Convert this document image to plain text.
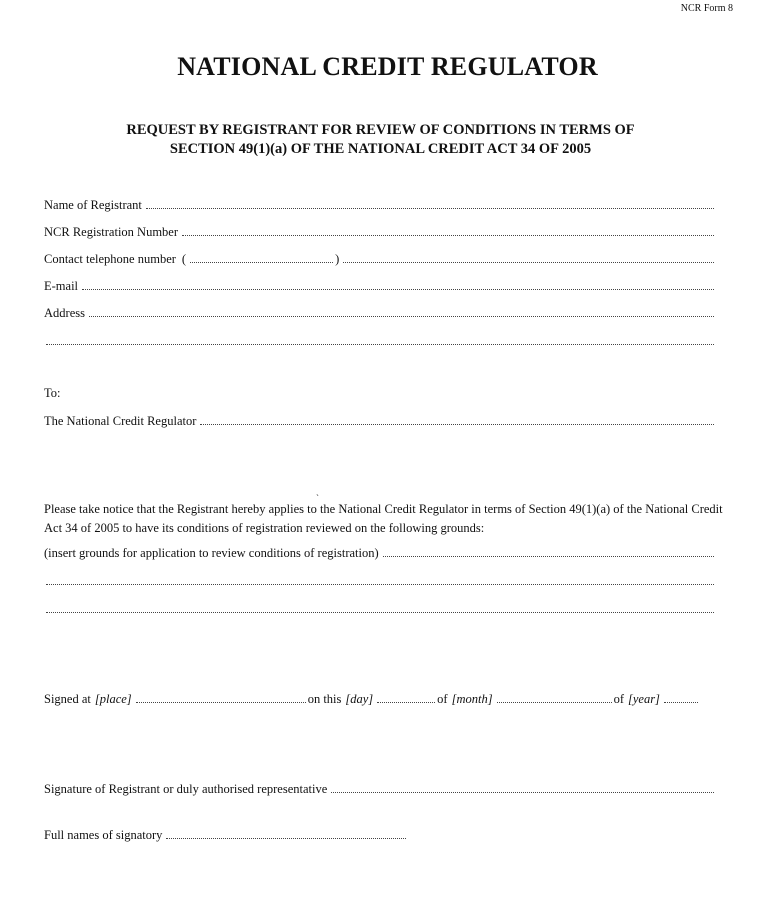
NCR Form 8
NATIONAL CREDIT REGULATOR
REQUEST BY REGISTRANT FOR REVIEW OF CONDITIONS IN TERMS OF
SECTION 49(1)(a) OF THE NATIONAL CREDIT ACT 34 OF 2005
Name of Registrant
NCR Registration Number
Contact telephone number (	)
E-mail
Address
To:
The National Credit Regulator
ˎ
Please take notice that the Registrant hereby applies to the National Credit Regulator in terms of Section 49(1)(a) of the National Credit Act 34 of 2005 to have its conditions of registration reviewed on the following grounds:
(insert grounds for application to review conditions of registration)
Signed at [place]	on this [day]	of [month]	of [year]
Signature of Registrant or duly authorised representative
Full names of signatory
